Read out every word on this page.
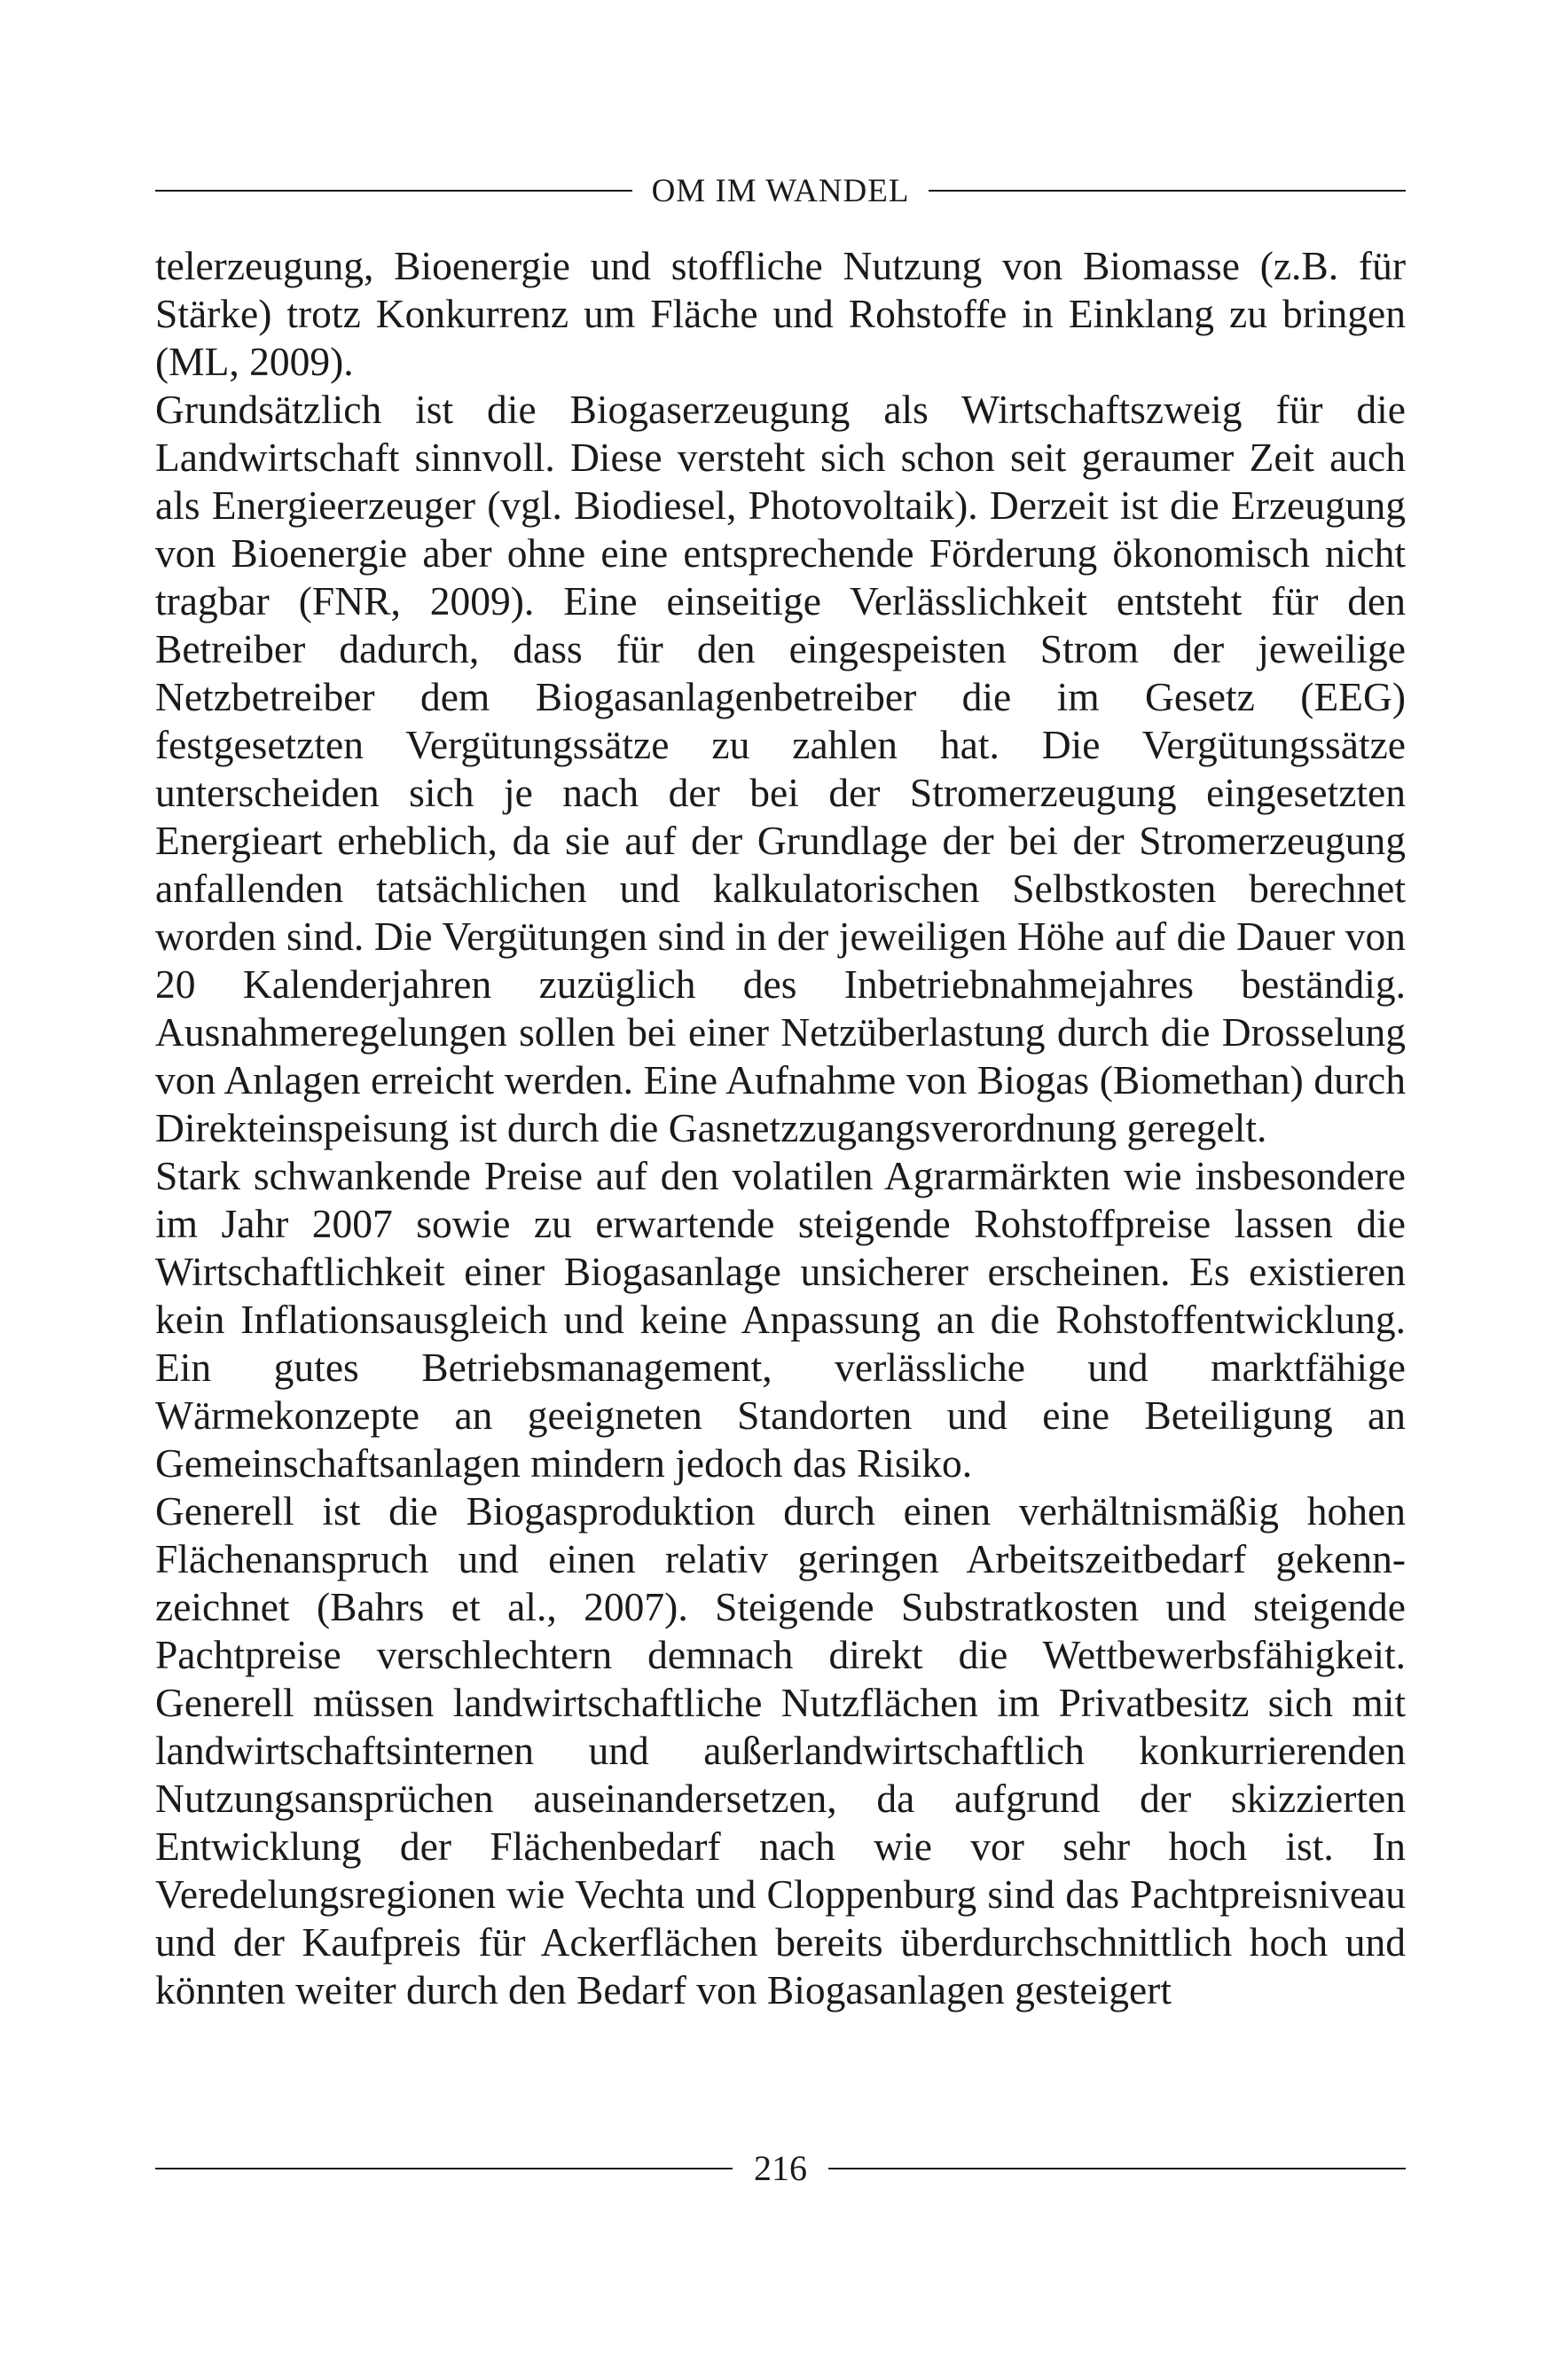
OM IM WANDEL

telerzeugung, Bioenergie und stoffliche Nutzung von Biomasse (z.B. für Stärke) trotz Konkurrenz um Fläche und Rohstoffe in Einklang zu bringen (ML, 2009).

Grundsätzlich ist die Biogaserzeugung als Wirtschaftszweig für die Landwirtschaft sinnvoll. Diese versteht sich schon seit geraumer Zeit auch als Energieerzeuger (vgl. Biodiesel, Photovoltaik). Derzeit ist die Erzeugung von Bioenergie aber ohne eine entsprechende Förderung ökonomisch nicht tragbar (FNR, 2009). Eine einseitige Verlässlichkeit entsteht für den Betreiber dadurch, dass für den eingespeisten Strom der jeweilige Netzbetreiber dem Biogasanlagenbetreiber die im Gesetz (EEG) festgesetzten Vergütungssätze zu zahlen hat. Die Vergütungssätze unterscheiden sich je nach der bei der Stromerzeugung eingesetzten Energieart erheblich, da sie auf der Grundlage der bei der Stromerzeugung anfallenden tatsächlichen und kalkulatorischen Selbstkosten berechnet worden sind. Die Vergütungen sind in der jeweiligen Höhe auf die Dauer von 20 Kalenderjahren zuzüglich des Inbetriebnahmejahres beständig. Ausnahmeregelungen sollen bei einer Netzüberlastung durch die Drosselung von Anlagen erreicht werden. Eine Aufnahme von Biogas (Biomethan) durch Direkteinspeisung ist durch die Gasnetzzugangsverordnung geregelt.

Stark schwankende Preise auf den volatilen Agrarmärkten wie insbesondere im Jahr 2007 sowie zu erwartende steigende Rohstoffpreise lassen die Wirtschaftlichkeit einer Biogasanlage unsicherer erscheinen. Es existieren kein Inflationsausgleich und keine Anpassung an die Rohstoffentwicklung. Ein gutes Betriebsmanagement, verlässliche und marktfähige Wärmekonzepte an geeigneten Standorten und eine Beteiligung an Gemeinschaftsanlagen mindern jedoch das Risiko.

Generell ist die Biogasproduktion durch einen verhältnismäßig hohen Flächenanspruch und einen relativ geringen Arbeitszeitbedarf gekennzeichnet (Bahrs et al., 2007). Steigende Substratkosten und steigende Pachtpreise verschlechtern demnach direkt die Wettbewerbsfähigkeit. Generell müssen landwirtschaftliche Nutzflächen im Privatbesitz sich mit landwirtschaftsinternen und außerlandwirtschaftlich konkurrierenden Nutzungsansprüchen auseinandersetzen, da aufgrund der skizzierten Entwicklung der Flächenbedarf nach wie vor sehr hoch ist. In Veredelungsregionen wie Vechta und Cloppenburg sind das Pachtpreisniveau und der Kaufpreis für Ackerflächen bereits überdurchschnittlich hoch und könnten weiter durch den Bedarf von Biogasanlagen gesteigert

216
